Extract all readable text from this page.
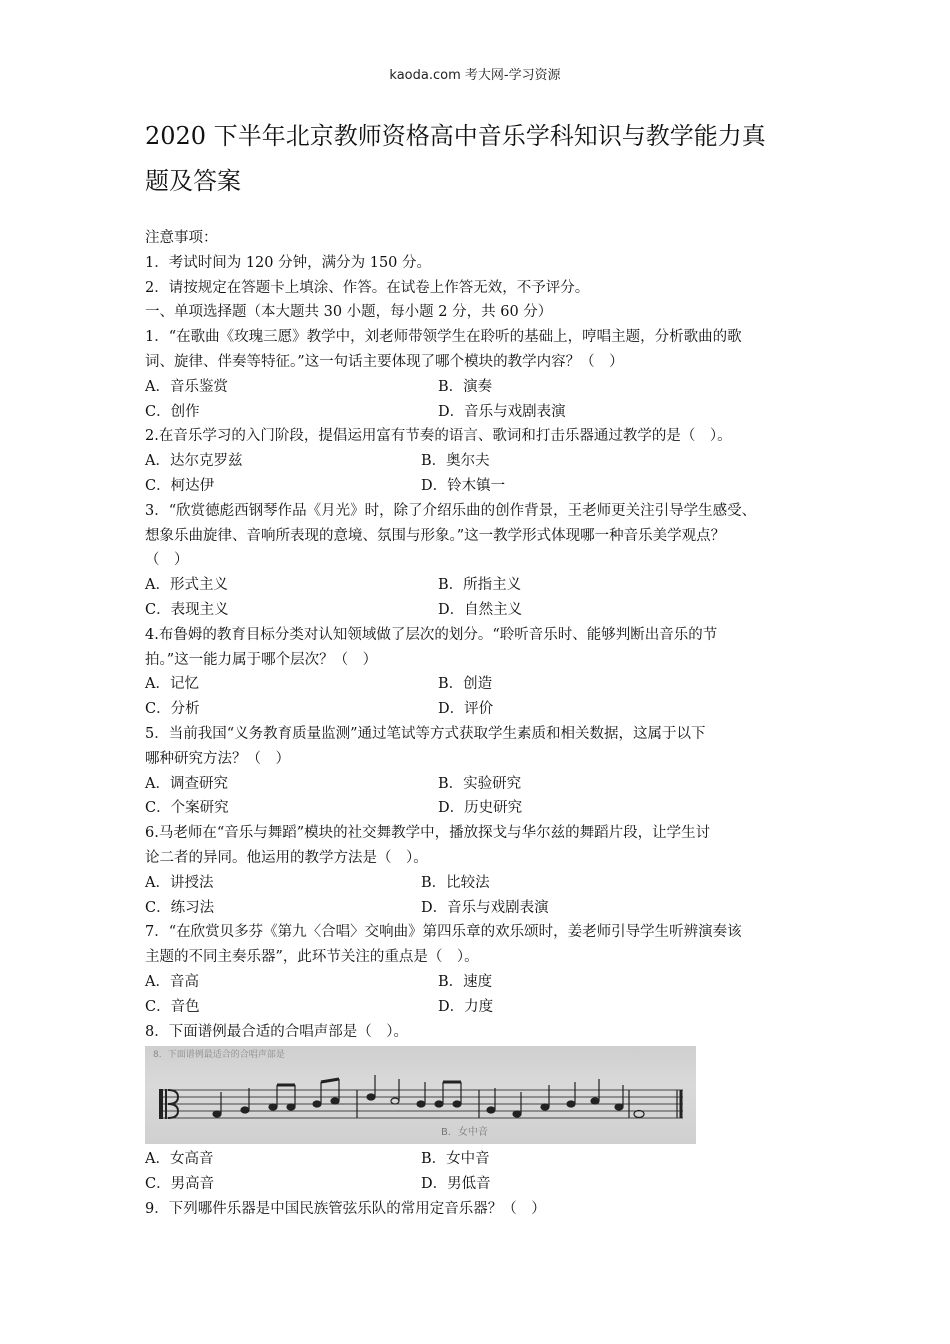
kaoda.com 考大网-学习资源
2020 下半年北京教师资格高中音乐学科知识与教学能力真
题及答案
注意事项：
1．考试时间为 120 分钟，满分为 150 分。
2．请按规定在答题卡上填涂、作答。在试卷上作答无效，不予评分。
一、单项选择题（本大题共 30 小题，每小题 2 分，共 60 分）
1．“在歌曲《玫瑰三愿》教学中，刘老师带领学生在聆听的基础上，哼唱主题，分析歌曲的歌
词、旋律、伴奏等特征。”这一句话主要体现了哪个模块的教学内容？（　）
A．音乐鉴赏	B．演奏
C．创作	D．音乐与戏剧表演
2.在音乐学习的入门阶段，提倡运用富有节奏的语言、歌词和打击乐器通过教学的是（　）。
A．达尔克罗兹	B．奥尔夫
C．柯达伊	D．铃木镇一
3．“欣赏德彪西钢琴作品《月光》时，除了介绍乐曲的创作背景，王老师更关注引导学生感受、
想象乐曲旋律、音响所表现的意境、氛围与形象。”这一教学形式体现哪一种音乐美学观点？
（　）
A．形式主义	B．所指主义
C．表现主义	D．自然主义
4.布鲁姆的教育目标分类对认知领域做了层次的划分。“聆听音乐时、能够判断出音乐的节
拍。”这一能力属于哪个层次？（　）
A．记忆	B．创造
C．分析	D．评价
5．当前我国“义务教育质量监测”通过笔试等方式获取学生素质和相关数据，这属于以下
哪种研究方法？（　）
A．调查研究	B．实验研究
C．个案研究	D．历史研究
6.马老师在“音乐与舞蹈”模块的社交舞教学中，播放探戈与华尔兹的舞蹈片段，让学生讨
论二者的异同。他运用的教学方法是（　）。
A．讲授法	B．比较法
C．练习法	D．音乐与戏剧表演
7．“在欣赏贝多芬《第九〈合唱〉交响曲》第四乐章的欢乐颂时，姜老师引导学生听辨演奏该
主题的不同主奏乐器”，此环节关注的重点是（　）。
A．音高	B．速度
C．音色	D．力度
8．下面谱例最合适的合唱声部是（　）。
8．下面谱例最适合的合唱声部是
B．女中音
A．女高音	B．女中音
C．男高音	D．男低音
9．下列哪件乐器是中国民族管弦乐队的常用定音乐器？（　）
